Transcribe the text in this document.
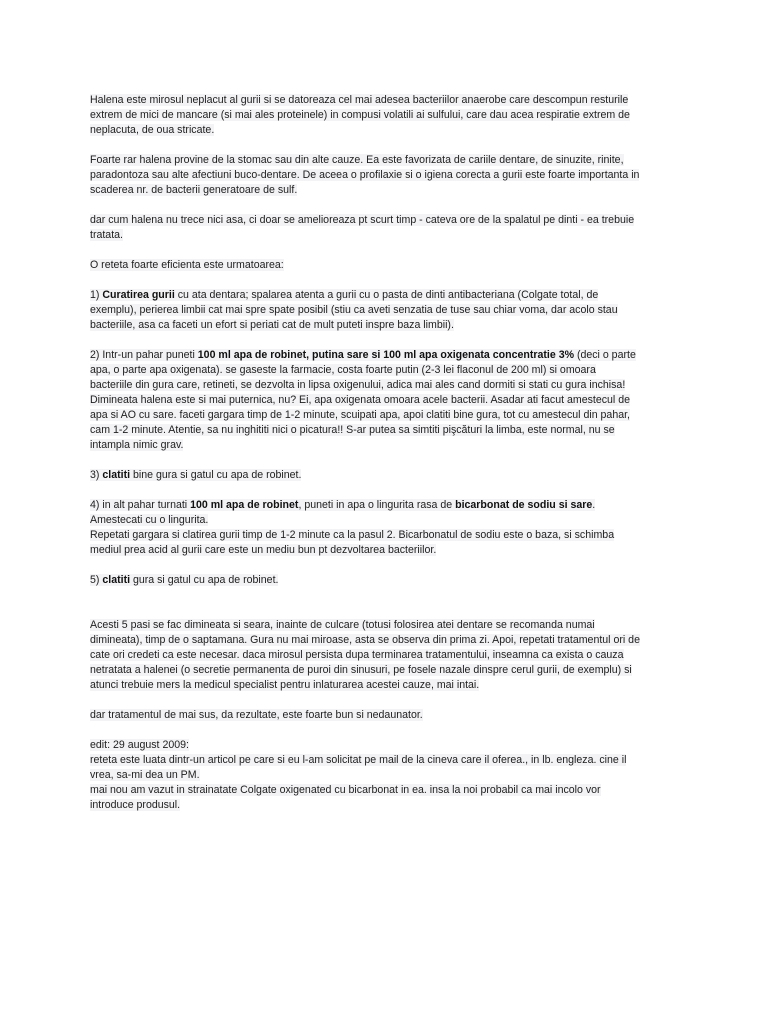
Halena este mirosul neplacut al gurii si se datoreaza cel mai adesea bacteriilor anaerobe care descompun resturile
extrem de mici de mancare (si mai ales proteinele) in compusi volatili ai sulfului, care dau acea respiratie extrem de
neplacuta, de oua stricate.
Foarte rar halena provine de la stomac sau din alte cauze. Ea este favorizata de cariile dentare, de sinuzite, rinite,
paradontoza sau alte afectiuni buco-dentare. De aceea o profilaxie si o igiena corecta a gurii este foarte importanta in
scaderea nr. de bacterii generatoare de sulf.
dar cum halena nu trece nici asa, ci doar se amelioreaza pt scurt timp - cateva ore de la spalatul pe dinti - ea trebuie
tratata.
O reteta foarte eficienta este urmatoarea:
1) Curatirea gurii cu ata dentara; spalarea atenta a gurii cu o pasta de dinti antibacteriana (Colgate total, de
exemplu), perierea limbii cat mai spre spate posibil (stiu ca aveti senzatia de tuse sau chiar voma, dar acolo stau
bacteriile, asa ca faceti un efort si periati cat de mult puteti inspre baza limbii).
2) Intr-un pahar puneti 100 ml apa de robinet, putina sare si 100 ml apa oxigenata concentratie 3% (deci o parte
apa, o parte apa oxigenata). se gaseste la farmacie, costa foarte putin (2-3 lei flaconul de 200 ml) si omoara
bacteriile din gura care, retineti, se dezvolta in lipsa oxigenului, adica mai ales cand dormiti si stati cu gura inchisa!
Dimineata halena este si mai puternica, nu? Ei, apa oxigenata omoara acele bacterii. Asadar ati facut amestecul de
apa si AO cu sare. faceti gargara timp de 1-2 minute, scuipati apa, apoi clatiti bine gura, tot cu amestecul din pahar,
cam 1-2 minute. Atentie, sa nu inghititi nici o picatura!! S-ar putea sa simtiti pişcături la limba, este normal, nu se
intampla nimic grav.
3) clatiti bine gura si gatul cu apa de robinet.
4) in alt pahar turnati 100 ml apa de robinet, puneti in apa o lingurita rasa de bicarbonat de sodiu si sare.
Amestecati cu o lingurita.
Repetati gargara si clatirea gurii timp de 1-2 minute ca la pasul 2. Bicarbonatul de sodiu este o baza, si schimba
mediul prea acid al gurii care este un mediu bun pt dezvoltarea bacteriilor.
5) clatiti gura si gatul cu apa de robinet.
Acesti 5 pasi se fac dimineata si seara, inainte de culcare (totusi folosirea atei dentare se recomanda numai
dimineata), timp de o saptamana. Gura nu mai miroase, asta se observa din prima zi. Apoi, repetati tratamentul ori de
cate ori credeti ca este necesar. daca mirosul persista dupa terminarea tratamentului, inseamna ca exista o cauza
netratata a halenei (o secretie permanenta de puroi din sinusuri, pe fosele nazale dinspre cerul gurii, de exemplu) si
atunci trebuie mers la medicul specialist pentru inlaturarea acestei cauze, mai intai.
dar tratamentul de mai sus, da rezultate, este foarte bun si nedaunator.
edit: 29 august 2009:
reteta este luata dintr-un articol pe care si eu l-am solicitat pe mail de la cineva care il oferea., in lb. engleza. cine il
vrea, sa-mi dea un PM.
mai nou am vazut in strainatate Colgate oxigenated cu bicarbonat in ea. insa la noi probabil ca mai incolo vor
introduce produsul.
